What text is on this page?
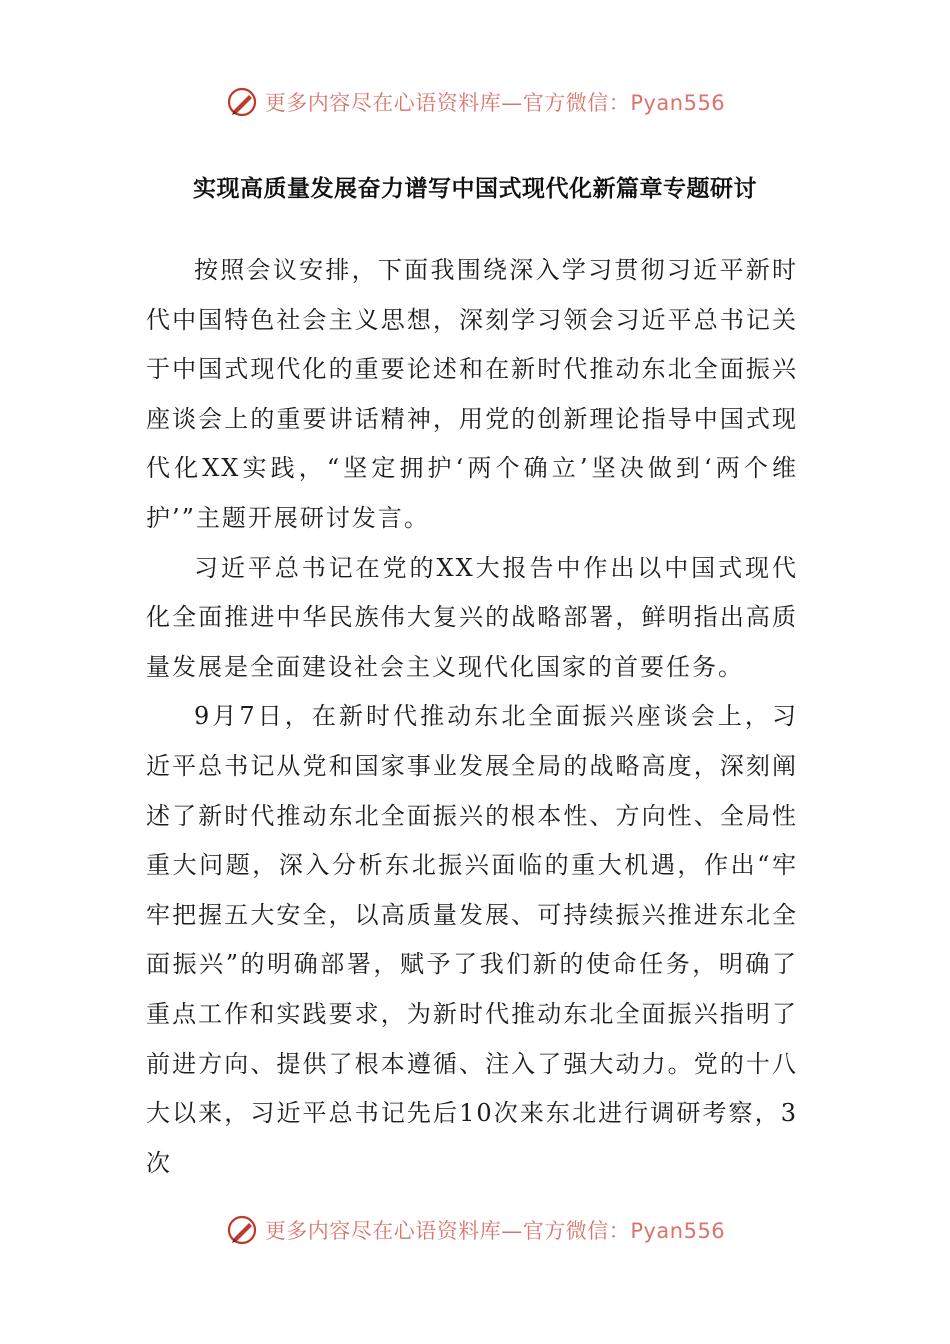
更多内容尽在心语资料库—官方微信：Pyan556
实现高质量发展奋力谱写中国式现代化新篇章专题研讨

按照会议安排，下面我围绕深入学习贯彻习近平新时代中国特色社会主义思想，深刻学习领会习近平总书记关于中国式现代化的重要论述和在新时代推动东北全面振兴座谈会上的重要讲话精神，用党的创新理论指导中国式现代化XX实践，“坚定拥护‘两个确立’坚决做到‘两个维护’”主题开展研讨发言。

习近平总书记在党的XX大报告中作出以中国式现代化全面推进中华民族伟大复兴的战略部署，鲜明指出高质量发展是全面建设社会主义现代化国家的首要任务。

9月7日，在新时代推动东北全面振兴座谈会上，习近平总书记从党和国家事业发展全局的战略高度，深刻阐述了新时代推动东北全面振兴的根本性、方向性、全局性重大问题，深入分析东北振兴面临的重大机遇，作出“牢牢把握五大安全，以高质量发展、可持续振兴推进东北全面振兴”的明确部署，赋予了我们新的使命任务，明确了重点工作和实践要求，为新时代推动东北全面振兴指明了前进方向、提供了根本遵循、注入了强大动力。党的十八大以来，习近平总书记先后10次来东北进行调研考察，3次

更多内容尽在心语资料库—官方微信：Pyan556
